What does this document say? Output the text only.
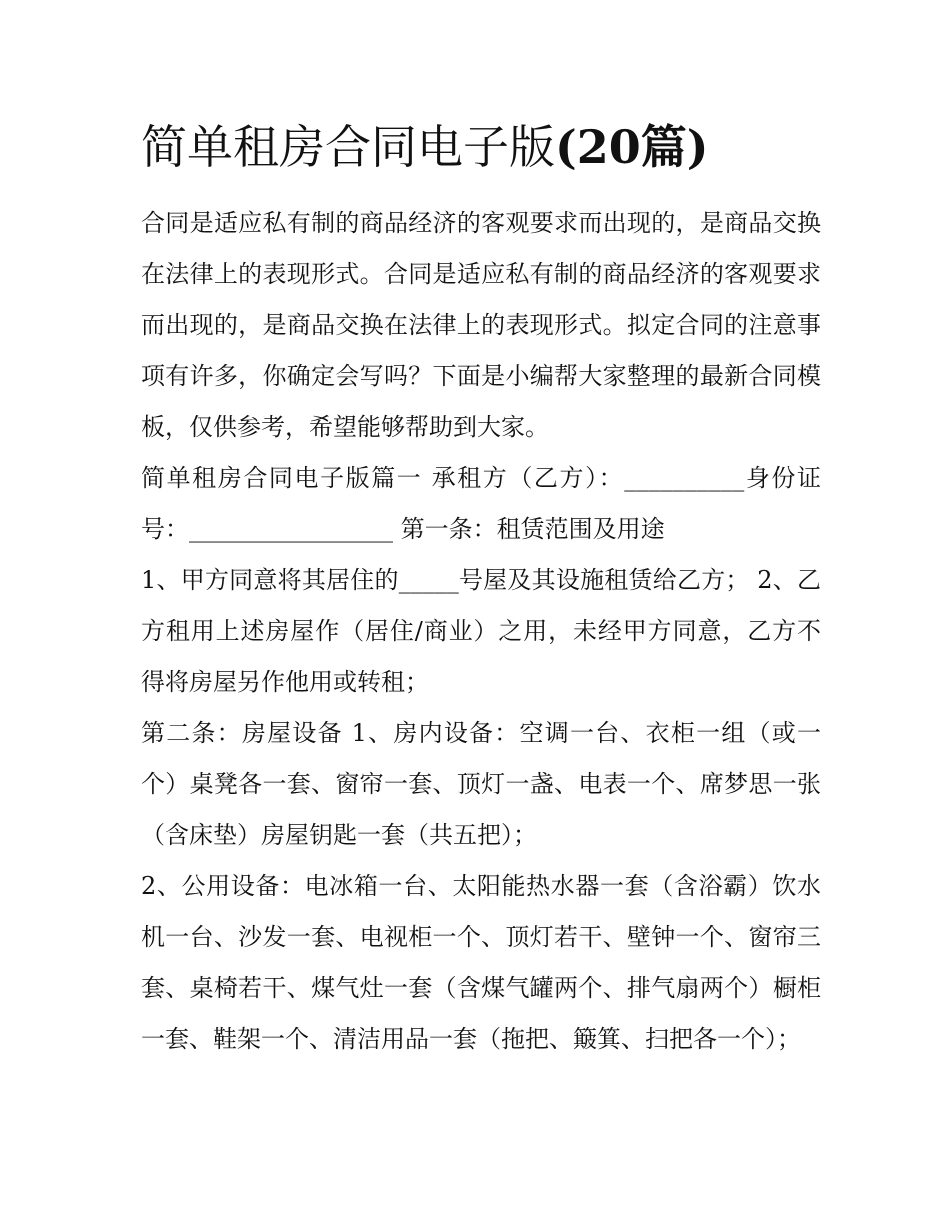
简单租房合同电子版(20篇)

合同是适应私有制的商品经济的客观要求而出现的，是商品交换在法律上的表现形式。合同是适应私有制的商品经济的客观要求而出现的，是商品交换在法律上的表现形式。拟定合同的注意事项有许多，你确定会写吗？下面是小编帮大家整理的最新合同模板，仅供参考，希望能够帮助到大家。

简单租房合同电子版篇一 承租方（乙方）：__________身份证号：_________________ 第一条：租赁范围及用途

1、甲方同意将其居住的_____号屋及其设施租赁给乙方； 2、乙方租用上述房屋作（居住/商业）之用，未经甲方同意，乙方不得将房屋另作他用或转租；

第二条：房屋设备 1、房内设备：空调一台、衣柜一组（或一个）桌凳各一套、窗帘一套、顶灯一盏、电表一个、席梦思一张（含床垫）房屋钥匙一套（共五把）；

2、公用设备：电冰箱一台、太阳能热水器一套（含浴霸）饮水机一台、沙发一套、电视柜一个、顶灯若干、壁钟一个、窗帘三套、桌椅若干、煤气灶一套（含煤气罐两个、排气扇两个）橱柜一套、鞋架一个、清洁用品一套（拖把、簸箕、扫把各一个）；
